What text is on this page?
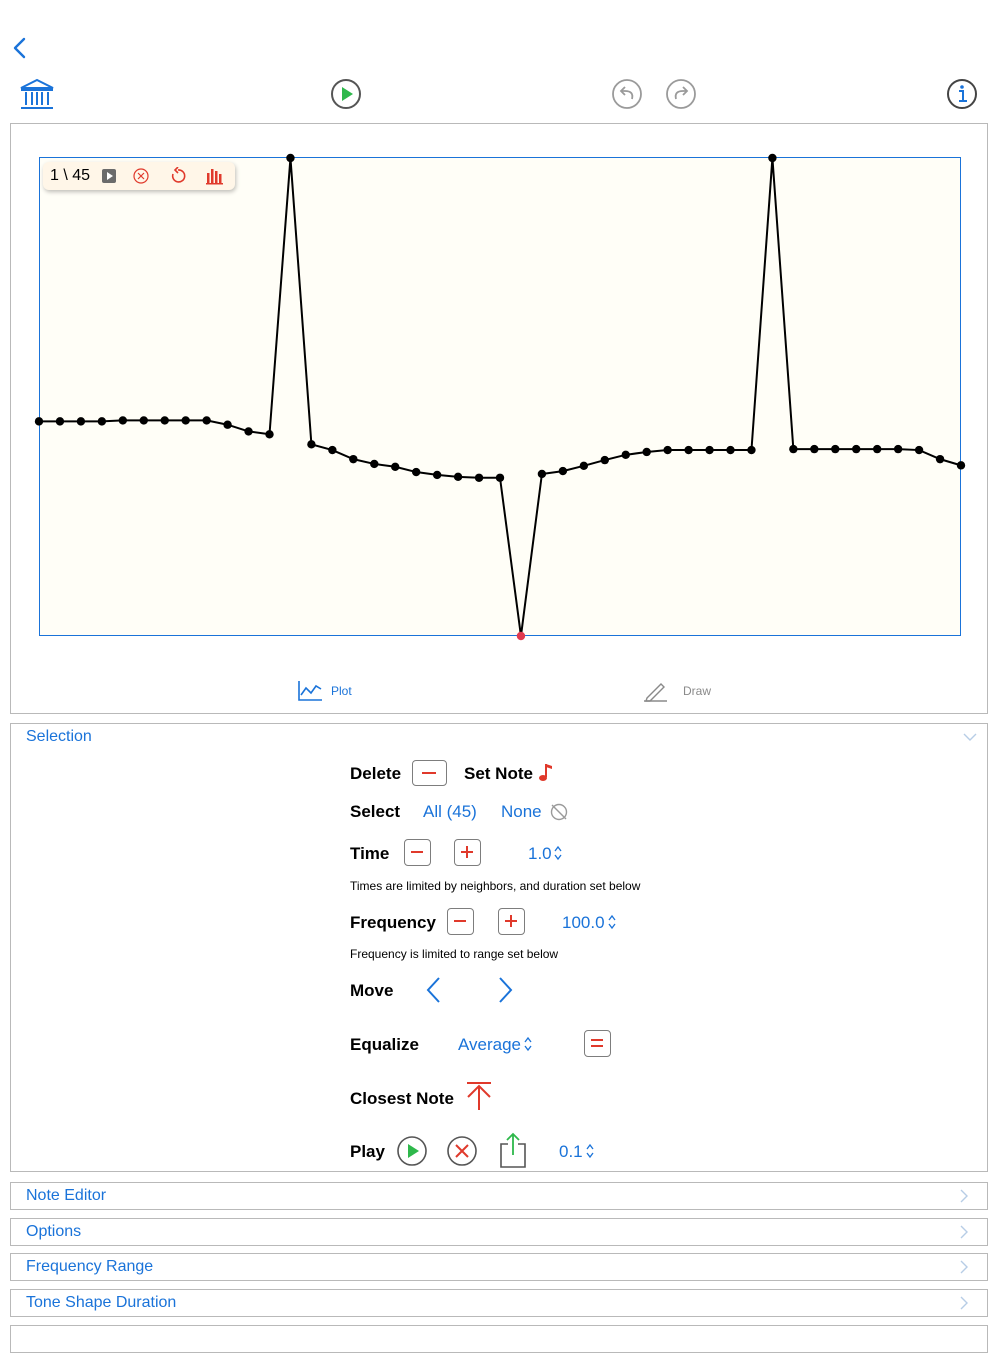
1 \ 45
Plot	Draw
Selection
Delete	Set Note
Select All (45) None
Time	1.0
Times are limited by neighbors, and duration set below
Frequency	100.0
Frequency is limited to range set below
Move
Equalize Average
Closest Note
Play	0.1
Note Editor
Options
Frequency Range
Tone Shape Duration
